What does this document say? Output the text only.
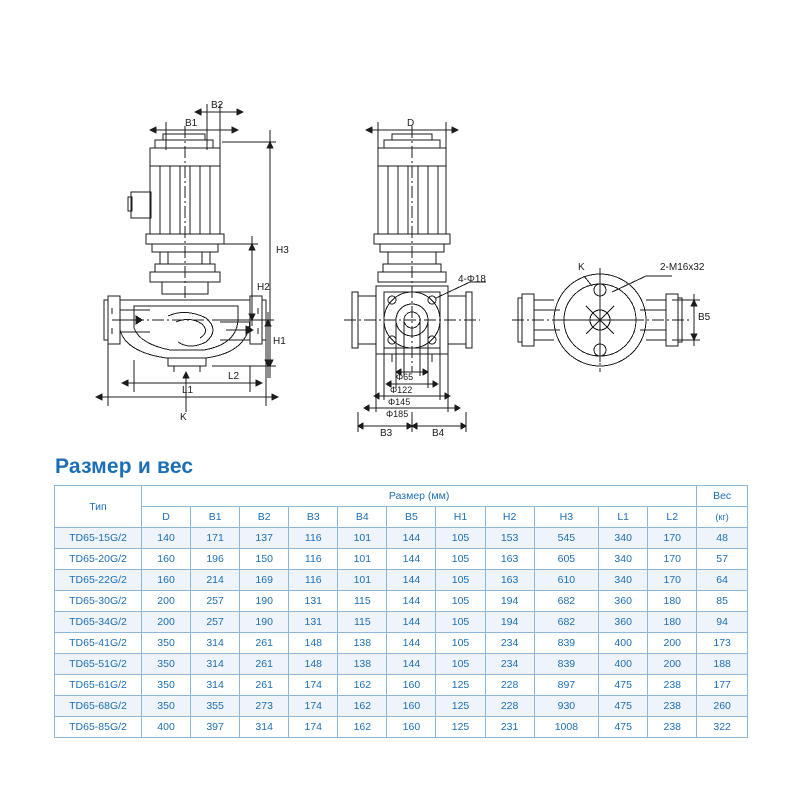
B2
B1
H3
H2
H1
L2
L1
K
D
4-Φ18
Φ65
Φ122
Φ145
Φ185
B3	B4
K	2-M16x32
B5
Размер и вес
Тип	Размер (мм)											Вес
	D	B1	B2	B3	B4	B5	H1	H2	H3	L1	L2	(кг)
TD65-15G/2	140	171	137	116	101	144	105	153	545	340	170	48
TD65-20G/2	160	196	150	116	101	144	105	163	605	340	170	57
TD65-22G/2	160	214	169	116	101	144	105	163	610	340	170	64
TD65-30G/2	200	257	190	131	115	144	105	194	682	360	180	85
TD65-34G/2	200	257	190	131	115	144	105	194	682	360	180	94
TD65-41G/2	350	314	261	148	138	144	105	234	839	400	200	173
TD65-51G/2	350	314	261	148	138	144	105	234	839	400	200	188
TD65-61G/2	350	314	261	174	162	160	125	228	897	475	238	177
TD65-68G/2	350	355	273	174	162	160	125	228	930	475	238	260
TD65-85G/2	400	397	314	174	162	160	125	231	1008	475	238	322
